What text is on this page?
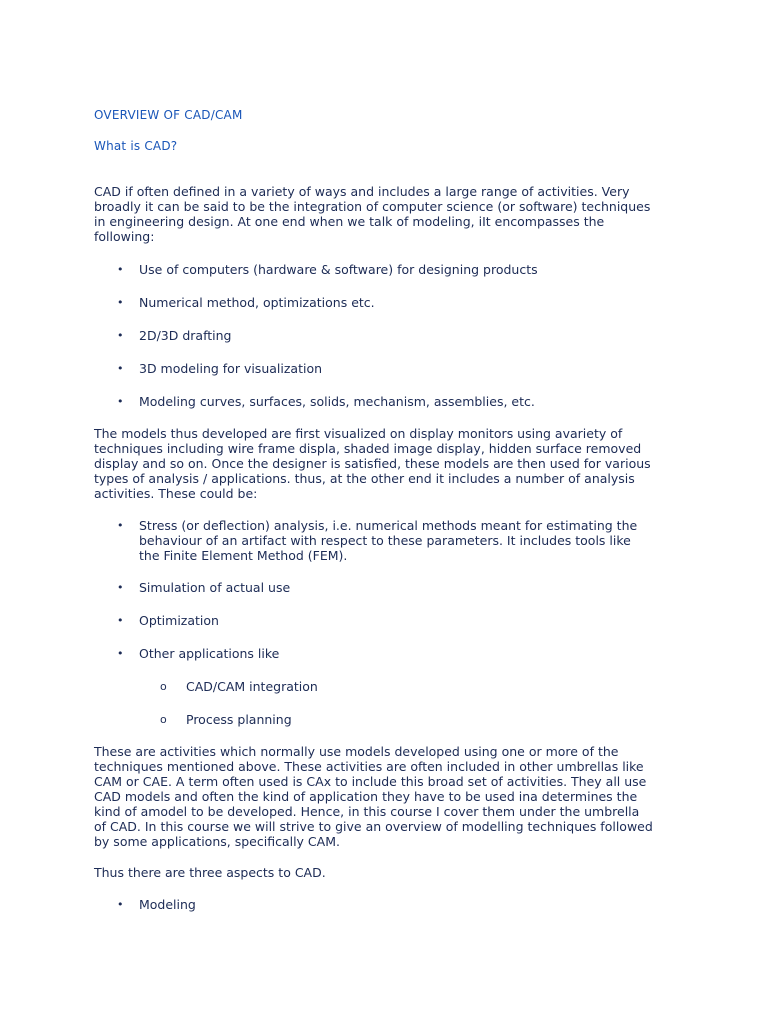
OVERVIEW OF CAD/CAM
What is CAD?
CAD if often defined in a variety of ways and includes a large range of activities. Very
broadly it can be said to be the integration of computer science (or software) techniques
in engineering design. At one end when we talk of modeling, iIt encompasses the
following:
• Use of computers (hardware & software) for designing products
• Numerical method, optimizations etc.
• 2D/3D drafting
• 3D modeling for visualization
• Modeling curves, surfaces, solids, mechanism, assemblies, etc.
The models thus developed are first visualized on display monitors using avariety of
techniques including wire frame displa, shaded image display, hidden surface removed
display and so on. Once the designer is satisfied, these models are then used for various
types of analysis / applications. thus, at the other end it includes a number of analysis
activities. These could be:
• Stress (or deflection) analysis, i.e. numerical methods meant for estimating the
behaviour of an artifact with respect to these parameters. It includes tools like
the Finite Element Method (FEM).
• Simulation of actual use
• Optimization
• Other applications like
o CAD/CAM integration
o Process planning
These are activities which normally use models developed using one or more of the
techniques mentioned above. These activities are often included in other umbrellas like
CAM or CAE. A term often used is CAx to include this broad set of activities. They all use
CAD models and often the kind of application they have to be used ina determines the
kind of amodel to be developed. Hence, in this course I cover them under the umbrella
of CAD. In this course we will strive to give an overview of modelling techniques followed
by some applications, specifically CAM.
Thus there are three aspects to CAD.
• Modeling
